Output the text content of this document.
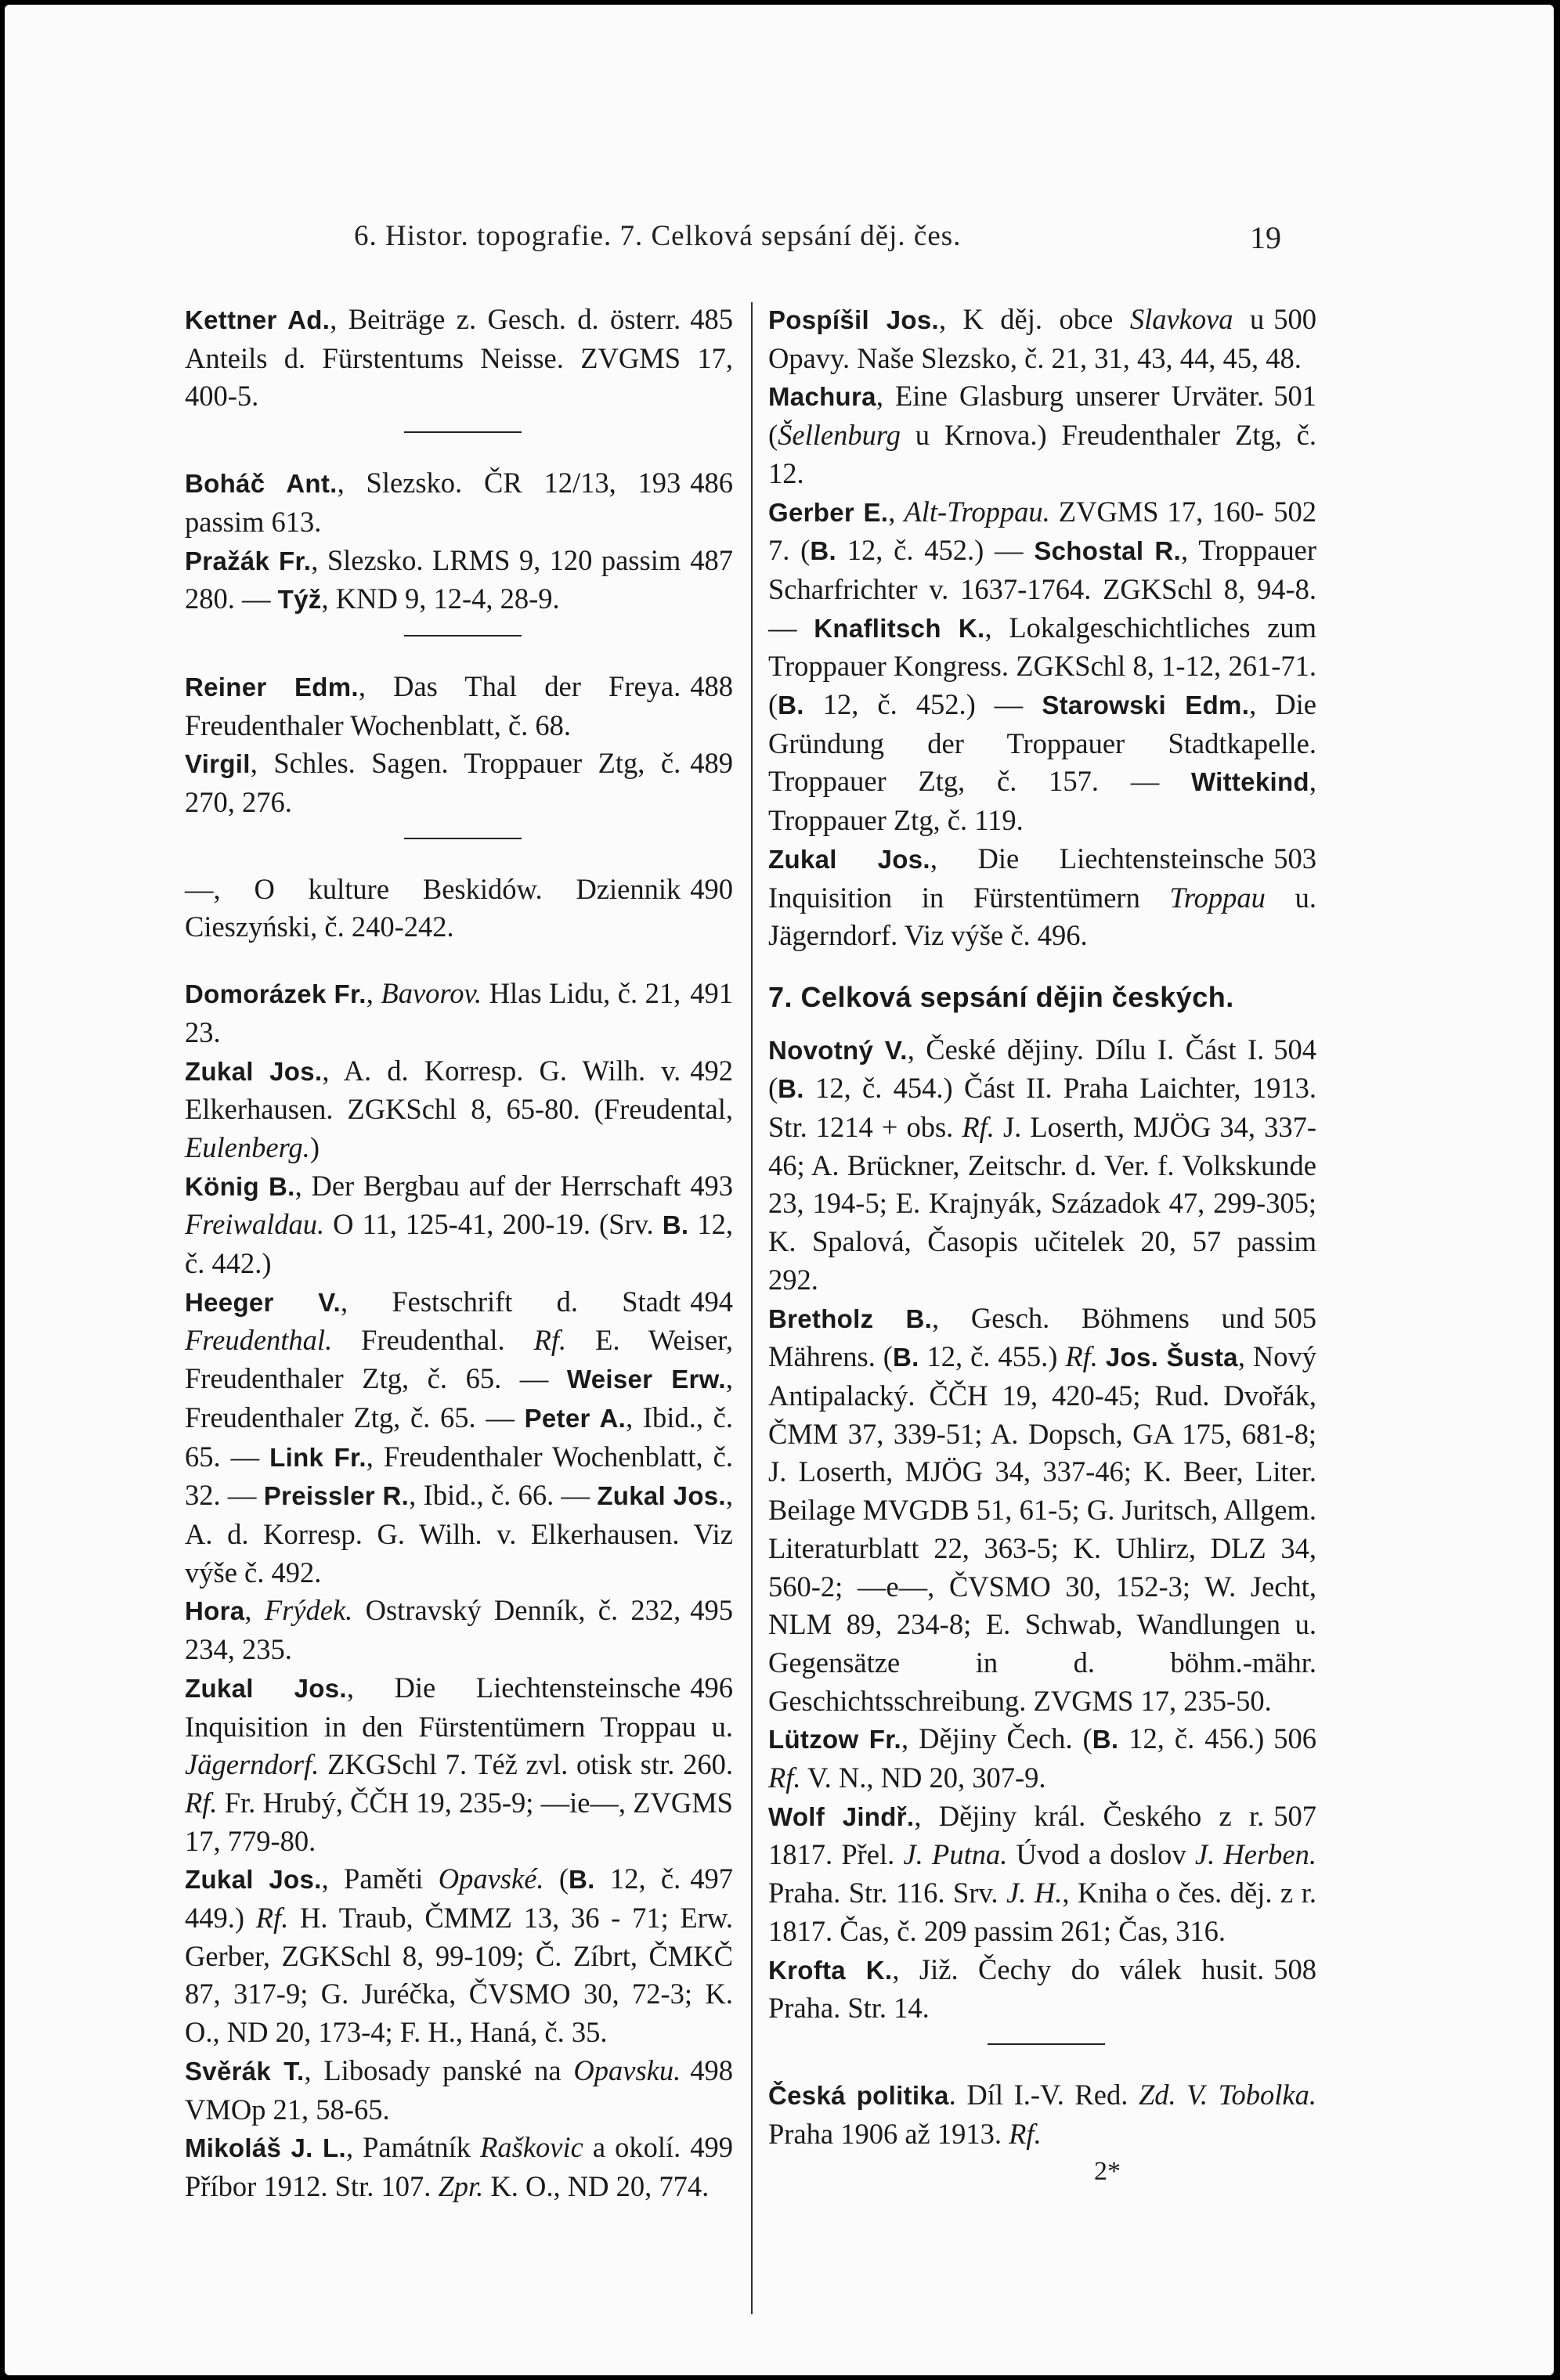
6. Histor. topografie. 7. Celková sepsání děj. čes.	19

485
Kettner Ad., Beiträge z. Gesch. d. österr. Anteils d. Fürstentums Neisse. ZVGMS 17, 400-5.

486
Boháč Ant., Slezsko. ČR 12/13, 193 passim 613.

487
Pražák Fr., Slezsko. LRMS 9, 120 passim 280. — Týž, KND 9, 12-4, 28-9.

488
Reiner Edm., Das Thal der Freya. Freudenthaler Wochenblatt, č. 68.

489
Virgil, Schles. Sagen. Troppauer Ztg, č. 270, 276.

490
—, O kulture Beskidów. Dziennik Cieszyński, č. 240-242.

491
Domorázek Fr., Bavorov. Hlas Lidu, č. 21, 23.

492
Zukal Jos., A. d. Korresp. G. Wilh. v. Elkerhausen. ZGKSchl 8, 65-80. (Freudental, Eulenberg.)

493
König B., Der Bergbau auf der Herrschaft Freiwaldau. O 11, 125-41, 200-19. (Srv. B. 12, č. 442.)

494
Heeger V., Festschrift d. Stadt Freudenthal. Freudenthal. Rf. E. Weiser, Freudenthaler Ztg, č. 65. — Weiser Erw., Freudenthaler Ztg, č. 65. — Peter A., Ibid., č. 65. — Link Fr., Freudenthaler Wochenblatt, č. 32. — Preissler R., Ibid., č. 66. — Zukal Jos., A. d. Korresp. G. Wilh. v. Elkerhausen. Viz výše č. 492.

495
Hora, Frýdek. Ostravský Denník, č. 232, 234, 235.

496
Zukal Jos., Die Liechtensteinsche Inquisition in den Fürstentümern Troppau u. Jägerndorf. ZKGSchl 7. Též zvl. otisk str. 260. Rf. Fr. Hrubý, ČČH 19, 235-9; —ie—, ZVGMS 17, 779-80.

497
Zukal Jos., Paměti Opavské. (B. 12, č. 449.) Rf. H. Traub, ČMMZ 13, 36 - 71; Erw. Gerber, ZGKSchl 8, 99-109; Č. Zíbrt, ČMKČ 87, 317-9; G. Juréčka, ČVSMO 30, 72-3; K. O., ND 20, 173-4; F. H., Haná, č. 35.

498
Svěrák T., Libosady panské na Opavsku. VMOp 21, 58-65.

499
Mikoláš J. L., Památník Raškovic a okolí. Příbor 1912. Str. 107. Zpr. K. O., ND 20, 774.

500
Pospíšil Jos., K děj. obce Slavkova u Opavy. Naše Slezsko, č. 21, 31, 43, 44, 45, 48.

501
Machura, Eine Glasburg unserer Urväter. (Šellenburg u Krnova.) Freudenthaler Ztg, č. 12.

502
Gerber E., Alt-Troppau. ZVGMS 17, 160-7. (B. 12, č. 452.) — Schostal R., Troppauer Scharfrichter v. 1637-1764. ZGKSchl 8, 94-8. — Knaflitsch K., Lokalgeschichtliches zum Troppauer Kongress. ZGKSchl 8, 1-12, 261-71. (B. 12, č. 452.) — Starowski Edm., Die Gründung der Troppauer Stadtkapelle. Troppauer Ztg, č. 157. — Wittekind, Troppauer Ztg, č. 119.

503
Zukal Jos., Die Liechtensteinsche Inquisition in Fürstentümern Troppau u. Jägerndorf. Viz výše č. 496.

7. Celková sepsání dějin českých.

504
Novotný V., České dějiny. Dílu I. Část I. (B. 12, č. 454.) Část II. Praha Laichter, 1913. Str. 1214 + obs. Rf. J. Loserth, MJÖG 34, 337-46; A. Brückner, Zeitschr. d. Ver. f. Volkskunde 23, 194-5; E. Krajnyák, Századok 47, 299-305; K. Spalová, Časopis učitelek 20, 57 passim 292.

505
Bretholz B., Gesch. Böhmens und Mährens. (B. 12, č. 455.) Rf. Jos. Šusta, Nový Antipalacký. ČČH 19, 420-45; Rud. Dvořák, ČMM 37, 339-51; A. Dopsch, GA 175, 681-8; J. Loserth, MJÖG 34, 337-46; K. Beer, Liter. Beilage MVGDB 51, 61-5; G. Juritsch, Allgem. Literaturblatt 22, 363-5; K. Uhlirz, DLZ 34, 560-2; —e—, ČVSMO 30, 152-3; W. Jecht, NLM 89, 234-8; E. Schwab, Wandlungen u. Gegensätze in d. böhm.-mähr. Geschichtsschreibung. ZVGMS 17, 235-50.

506
Lützow Fr., Dějiny Čech. (B. 12, č. 456.) Rf. V. N., ND 20, 307-9.

507
Wolf Jindř., Dějiny král. Českého z r. 1817. Přel. J. Putna. Úvod a doslov J. Herben. Praha. Str. 116. Srv. J. H., Kniha o čes. děj. z r. 1817. Čas, č. 209 passim 261; Čas, 316.

508
Krofta K., Již. Čechy do válek husit. Praha. Str. 14.

Česká politika. Díl I.-V. Red. Zd. V. Tobolka. Praha 1906 až 1913. Rf.

2*
